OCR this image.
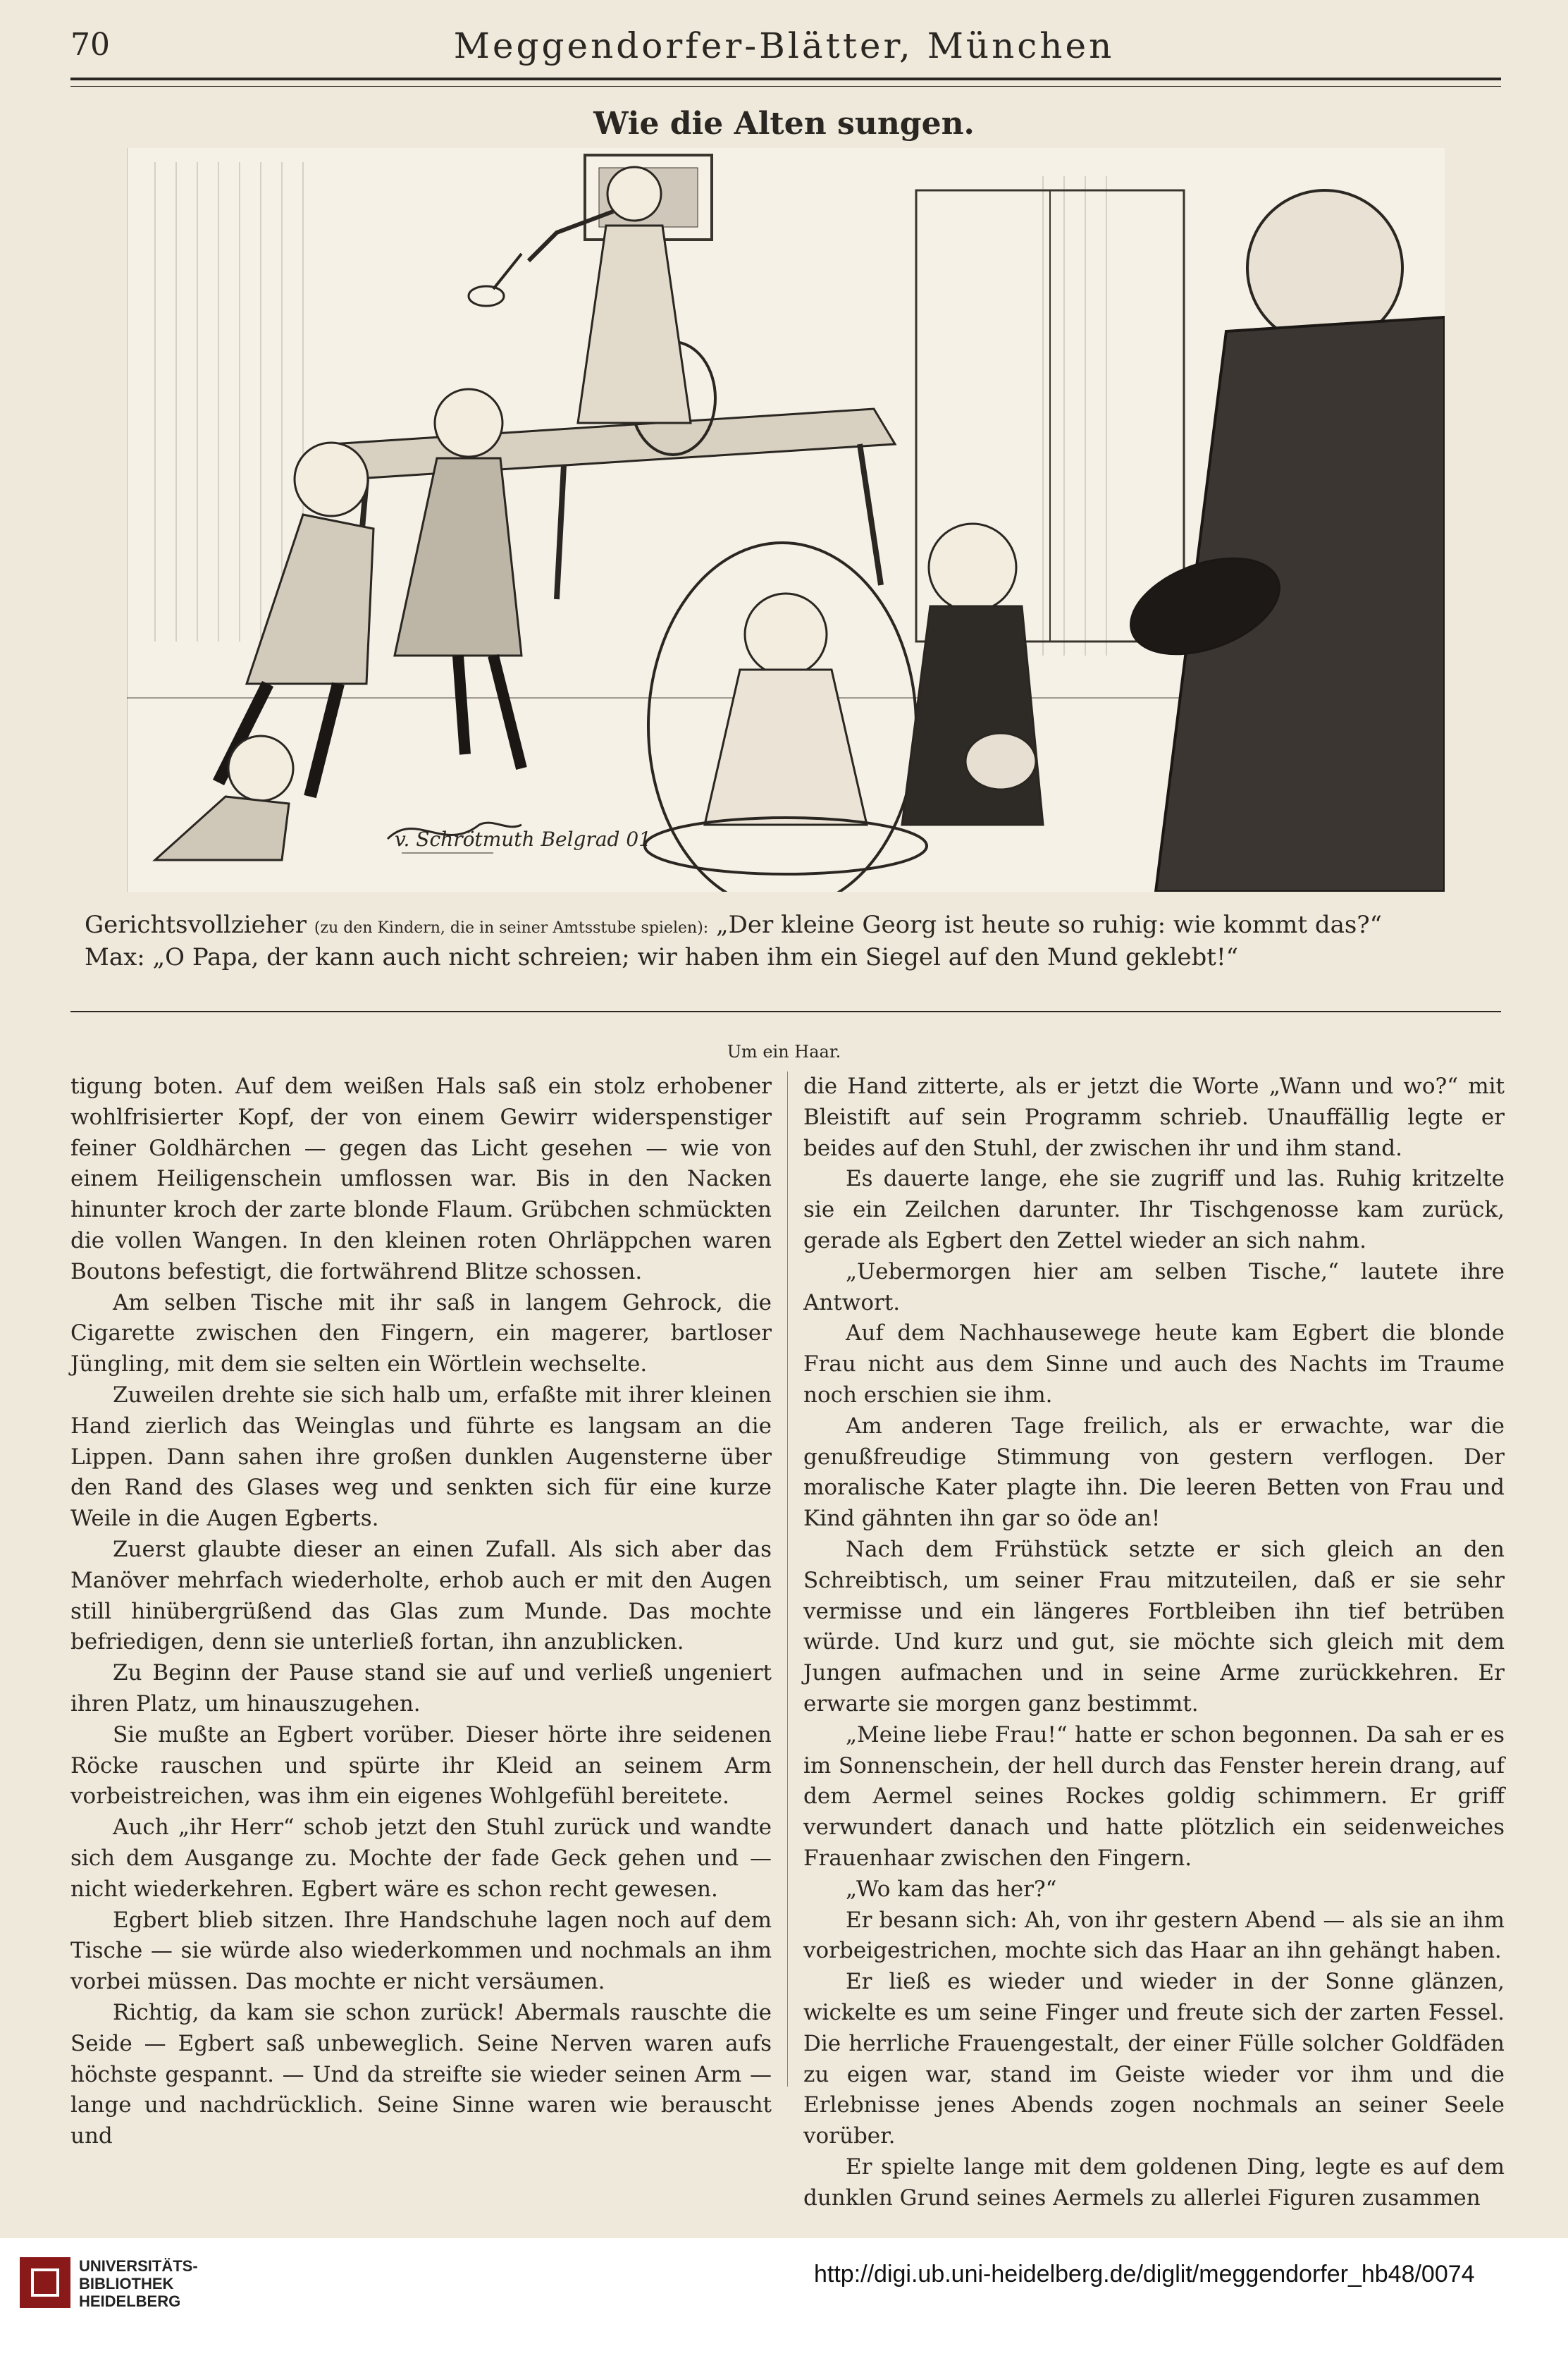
70	Meggendorfer-Blätter, München
Wie die Alten sungen.
v. Schrötmuth Belgrad 01
Gerichtsvollzieher (zu den Kindern, die in seiner Amtsstube spielen): „Der kleine Georg ist heute so ruhig: wie kommt das?“
Max: „O Papa, der kann auch nicht schreien; wir haben ihm ein Siegel auf den Mund geklebt!“
Um ein Haar.

tigung boten. Auf dem weißen Hals saß ein stolz erhobener wohlfrisierter Kopf, der von einem Gewirr widerspenstiger feiner Goldhärchen — gegen das Licht gesehen — wie von einem Heiligenschein umflossen war. Bis in den Nacken hinunter kroch der zarte blonde Flaum. Grübchen schmückten die vollen Wangen. In den kleinen roten Ohrläppchen waren Boutons befestigt, die fortwährend Blitze schossen.

Am selben Tische mit ihr saß in langem Gehrock, die Cigarette zwischen den Fingern, ein magerer, bartloser Jüngling, mit dem sie selten ein Wörtlein wechselte.

Zuweilen drehte sie sich halb um, erfaßte mit ihrer kleinen Hand zierlich das Weinglas und führte es langsam an die Lippen. Dann sahen ihre großen dunklen Augensterne über den Rand des Glases weg und senkten sich für eine kurze Weile in die Augen Egberts.

Zuerst glaubte dieser an einen Zufall. Als sich aber das Manöver mehrfach wiederholte, erhob auch er mit den Augen still hinübergrüßend das Glas zum Munde. Das mochte befriedigen, denn sie unterließ fortan, ihn anzublicken.

Zu Beginn der Pause stand sie auf und verließ ungeniert ihren Platz, um hinauszugehen.

Sie mußte an Egbert vorüber. Dieser hörte ihre seidenen Röcke rauschen und spürte ihr Kleid an seinem Arm vorbeistreichen, was ihm ein eigenes Wohlgefühl bereitete.

Auch „ihr Herr“ schob jetzt den Stuhl zurück und wandte sich dem Ausgange zu. Mochte der fade Geck gehen und — nicht wiederkehren. Egbert wäre es schon recht gewesen.

Egbert blieb sitzen. Ihre Handschuhe lagen noch auf dem Tische — sie würde also wiederkommen und nochmals an ihm vorbei müssen. Das mochte er nicht versäumen.

Richtig, da kam sie schon zurück! Abermals rauschte die Seide — Egbert saß unbeweglich. Seine Nerven waren aufs höchste gespannt. — Und da streifte sie wieder seinen Arm — lange und nachdrücklich. Seine Sinne waren wie berauscht und

die Hand zitterte, als er jetzt die Worte „Wann und wo?“ mit Bleistift auf sein Programm schrieb. Unauffällig legte er beides auf den Stuhl, der zwischen ihr und ihm stand.

Es dauerte lange, ehe sie zugriff und las. Ruhig kritzelte sie ein Zeilchen darunter. Ihr Tischgenosse kam zurück, gerade als Egbert den Zettel wieder an sich nahm.

„Uebermorgen hier am selben Tische,“ lautete ihre Antwort.

Auf dem Nachhausewege heute kam Egbert die blonde Frau nicht aus dem Sinne und auch des Nachts im Traume noch erschien sie ihm.

Am anderen Tage freilich, als er erwachte, war die genußfreudige Stimmung von gestern verflogen. Der moralische Kater plagte ihn. Die leeren Betten von Frau und Kind gähnten ihn gar so öde an!

Nach dem Frühstück setzte er sich gleich an den Schreibtisch, um seiner Frau mitzuteilen, daß er sie sehr vermisse und ein längeres Fortbleiben ihn tief betrüben würde. Und kurz und gut, sie möchte sich gleich mit dem Jungen aufmachen und in seine Arme zurückkehren. Er erwarte sie morgen ganz bestimmt.

„Meine liebe Frau!“ hatte er schon begonnen. Da sah er es im Sonnenschein, der hell durch das Fenster herein drang, auf dem Aermel seines Rockes goldig schimmern. Er griff verwundert danach und hatte plötzlich ein seidenweiches Frauenhaar zwischen den Fingern.

„Wo kam das her?“

Er besann sich: Ah, von ihr gestern Abend — als sie an ihm vorbeigestrichen, mochte sich das Haar an ihn gehängt haben.

Er ließ es wieder und wieder in der Sonne glänzen, wickelte es um seine Finger und freute sich der zarten Fessel. Die herrliche Frauengestalt, der einer Fülle solcher Goldfäden zu eigen war, stand im Geiste wieder vor ihm und die Erlebnisse jenes Abends zogen nochmals an seiner Seele vorüber.

Er spielte lange mit dem goldenen Ding, legte es auf dem dunklen Grund seines Aermels zu allerlei Figuren zusammen

UNIVERSITÄTS-
BIBLIOTHEK
HEIDELBERG
http://digi.ub.uni-heidelberg.de/diglit/meggendorfer_hb48/0074
